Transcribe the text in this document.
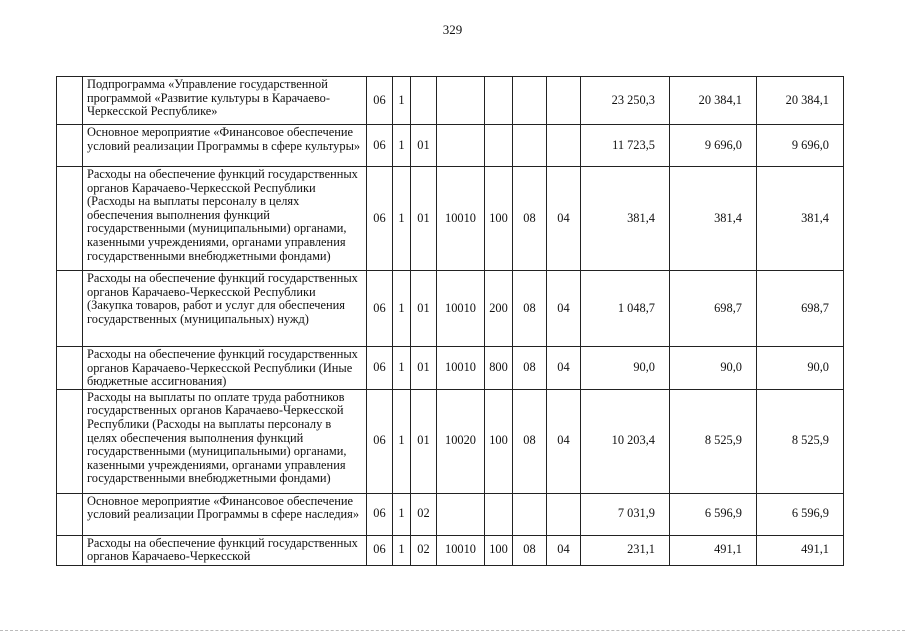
329
	Подпрограмма «Управление государственной программой «Развитие культуры в Карачаево-Черкесской Республике»	06	1						23 250,3	20 384,1	20 384,1
	Основное мероприятие «Финансовое обеспечение условий реализации Программы в сфере культуры»	06	1	01					11 723,5	9 696,0	9 696,0
	Расходы на обеспечение функций государственных органов Карачаево-Черкесской Республики (Расходы на выплаты персоналу в целях обеспечения выполнения функций государственными (муниципальными) органами, казенными учреждениями, органами управления государственными внебюджетными фондами)	06	1	01	10010	100	08	04	381,4	381,4	381,4
	Расходы на обеспечение функций государственных органов Карачаево-Черкесской Республики (Закупка товаров, работ и услуг для обеспечения государственных (муниципальных) нужд)	06	1	01	10010	200	08	04	1 048,7	698,7	698,7
	Расходы на обеспечение функций государственных органов Карачаево-Черкесской Республики (Иные бюджетные ассигнования)	06	1	01	10010	800	08	04	90,0	90,0	90,0
	Расходы на выплаты по оплате труда работников государственных органов Карачаево-Черкесской Республики (Расходы на выплаты персоналу в целях обеспечения выполнения функций государственными (муниципальными) органами, казенными учреждениями, органами управления государственными внебюджетными фондами)	06	1	01	10020	100	08	04	10 203,4	8 525,9	8 525,9
	Основное мероприятие «Финансовое обеспечение условий реализации Программы в сфере наследия»	06	1	02					7 031,9	6 596,9	6 596,9
	Расходы на обеспечение функций государственных органов Карачаево-Черкесской	06	1	02	10010	100	08	04	231,1	491,1	491,1
